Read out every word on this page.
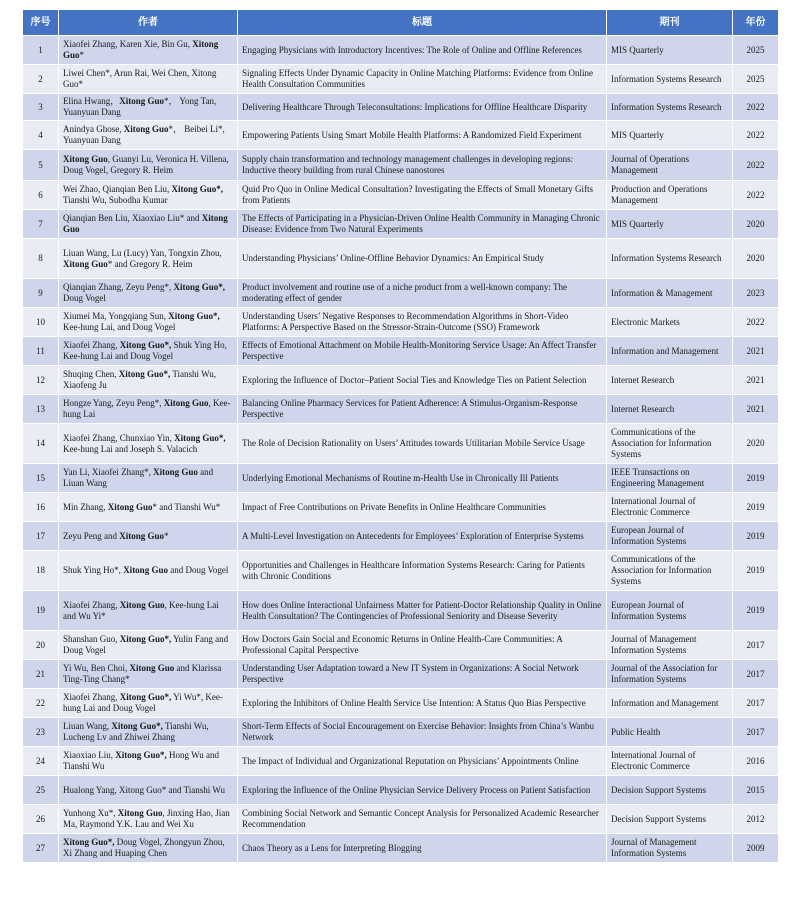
序号	作者	标题	期刊	年份
1	Xiaofei Zhang, Karen Xie, Bin Gu, Xitong Guo*	Engaging Physicians with Introductory Incentives: The Role of Online and Offline References	MIS Quarterly	2025
2	Liwei Chen*, Arun Rai, Wei Chen, Xitong Guo*	Signaling Effects Under Dynamic Capacity in Online Matching Platforms: Evidence from Online Health Consultation Communities	Information Systems Research	2025
3	Elina Hwang，Xitong Guo*， Yong Tan, Yuanyuan Dang	Delivering Healthcare Through Teleconsultations: Implications for Offline Healthcare Disparity	Information Systems Research	2022
4	Anindya Ghose, Xitong Guo*， Beibei Li*, Yuanyuan Dang	Empowering Patients Using Smart Mobile Health Platforms: A Randomized Field Experiment	MIS Quarterly	2022
5	Xitong Guo, Guanyi Lu, Veronica H. Villena, Doug Vogel, Gregory R. Heim	Supply chain transformation and technology management challenges in developing regions: Inductive theory building from rural Chinese nanostores	Journal of Operations Management	2022
6	Wei Zhao, Qianqian Ben Liu, Xitong Guo*, Tianshi Wu, Subodha Kumar	Quid Pro Quo in Online Medical Consultation? Investigating the Effects of Small Monetary Gifts from Patients	Production and Operations Management	2022
7	Qianqian Ben Liu, Xiaoxiao Liu* and Xitong Guo	The Effects of Participating in a Physician-Driven Online Health Community in Managing Chronic Disease: Evidence from Two Natural Experiments	MIS Quarterly	2020
8	Liuan Wang, Lu (Lucy) Yan, Tongxin Zhou, Xitong Guo* and Gregory R. Heim	Understanding Physicians’ Online-Offline Behavior Dynamics: An Empirical Study	Information Systems Research	2020
9	Qianqian Zhang, Zeyu Peng*, Xitong Guo*, Doug Vogel	Product involvement and routine use of a niche product from a well-known company: The moderating effect of gender	Information & Management	2023
10	Xiumei Ma, Yongqiang Sun, Xitong Guo*, Kee-hung Lai, and Doug Vogel	Understanding Users’ Negative Responses to Recommendation Algorithms in Short-Video Platforms: A Perspective Based on the Stressor-Strain-Outcome (SSO) Framework	Electronic Markets	2022
11	Xiaofei Zhang, Xitong Guo*, Shuk Ying Ho, Kee-hung Lai and Doug Vogel	Effects of Emotional Attachment on Mobile Health-Monitoring Service Usage: An Affect Transfer Perspective	Information and Management	2021
12	Shuqing Chen, Xitong Guo*, Tianshi Wu, Xiaofeng Ju	Exploring the Influence of Doctor–Patient Social Ties and Knowledge Ties on Patient Selection	Internet Research	2021
13	Hongze Yang, Zeyu Peng*, Xitong Guo, Kee-hung Lai	Balancing Online Pharmacy Services for Patient Adherence: A Stimulus-Organism-Response Perspective	Internet Research	2021
14	Xiaofei Zhang, Chunxiao Yin, Xitong Guo*, Kee-hung Lai and Joseph S. Valacich	The Role of Decision Rationality on Users’ Attitudes towards Utilitarian Mobile Service Usage	Communications of the Association for Information Systems	2020
15	Yan Li, Xiaofei Zhang*, Xitong Guo and Liuan Wang	Underlying Emotional Mechanisms of Routine m-Health Use in Chronically Ill Patients	IEEE Transactions on Engineering Management	2019
16	Min Zhang, Xitong Guo* and Tianshi Wu*	Impact of Free Contributions on Private Benefits in Online Healthcare Communities	International Journal of Electronic Commerce	2019
17	Zeyu Peng and Xitong Guo*	A Multi-Level Investigation on Antecedents for Employees’ Exploration of Enterprise Systems	European Journal of Information Systems	2019
18	Shuk Ying Ho*, Xitong Guo and Doug Vogel	Opportunities and Challenges in Healthcare Information Systems Research: Caring for Patients with Chronic Conditions	Communications of the Association for Information Systems	2019
19	Xiaofei Zhang, Xitong Guo, Kee-hung Lai and Wu Yi*	How does Online Interactional Unfairness Matter for Patient-Doctor Relationship Quality in Online Health Consultation? The Contingencies of Professional Seniority and Disease Severity	European Journal of Information Systems	2019
20	Shanshan Guo, Xitong Guo*, Yulin Fang and Doug Vogel	How Doctors Gain Social and Economic Returns in Online Health-Care Communities: A Professional Capital Perspective	Journal of Management Information Systems	2017
21	Yi Wu, Ben Choi, Xitong Guo and Klarissa Ting-Ting Chang*	Understanding User Adaptation toward a New IT System in Organizations: A Social Network Perspective	Journal of the Association for Information Systems	2017
22	Xiaofei Zhang, Xitong Guo*, Yi Wu*, Kee-hung Lai and Doug Vogel	Exploring the Inhibitors of Online Health Service Use Intention: A Status Quo Bias Perspective	Information and Management	2017
23	Liuan Wang, Xitong Guo*, Tianshi Wu, Lucheng Lv and Zhiwei Zhang	Short-Term Effects of Social Encouragement on Exercise Behavior: Insights from China’s Wanbu Network	Public Health	2017
24	Xiaoxiao Liu, Xitong Guo*, Hong Wu and Tianshi Wu	The Impact of Individual and Organizational Reputation on Physicians’ Appointments Online	International Journal of Electronic Commerce	2016
25	Hualong Yang, Xitong Guo* and Tianshi Wu	Exploring the Influence of the Online Physician Service Delivery Process on Patient Satisfaction	Decision Support Systems	2015
26	Yunhong Xu*, Xitong Guo, Jinxing Hao, Jian Ma, Raymond Y.K. Lau and Wei Xu	Combining Social Network and Semantic Concept Analysis for Personalized Academic Researcher Recommendation	Decision Support Systems	2012
27	Xitong Guo*, Doug Vogel, Zhongyun Zhou, Xi Zhang and Huaping Chen	Chaos Theory as a Lens for Interpreting Blogging	Journal of Management Information Systems	2009
